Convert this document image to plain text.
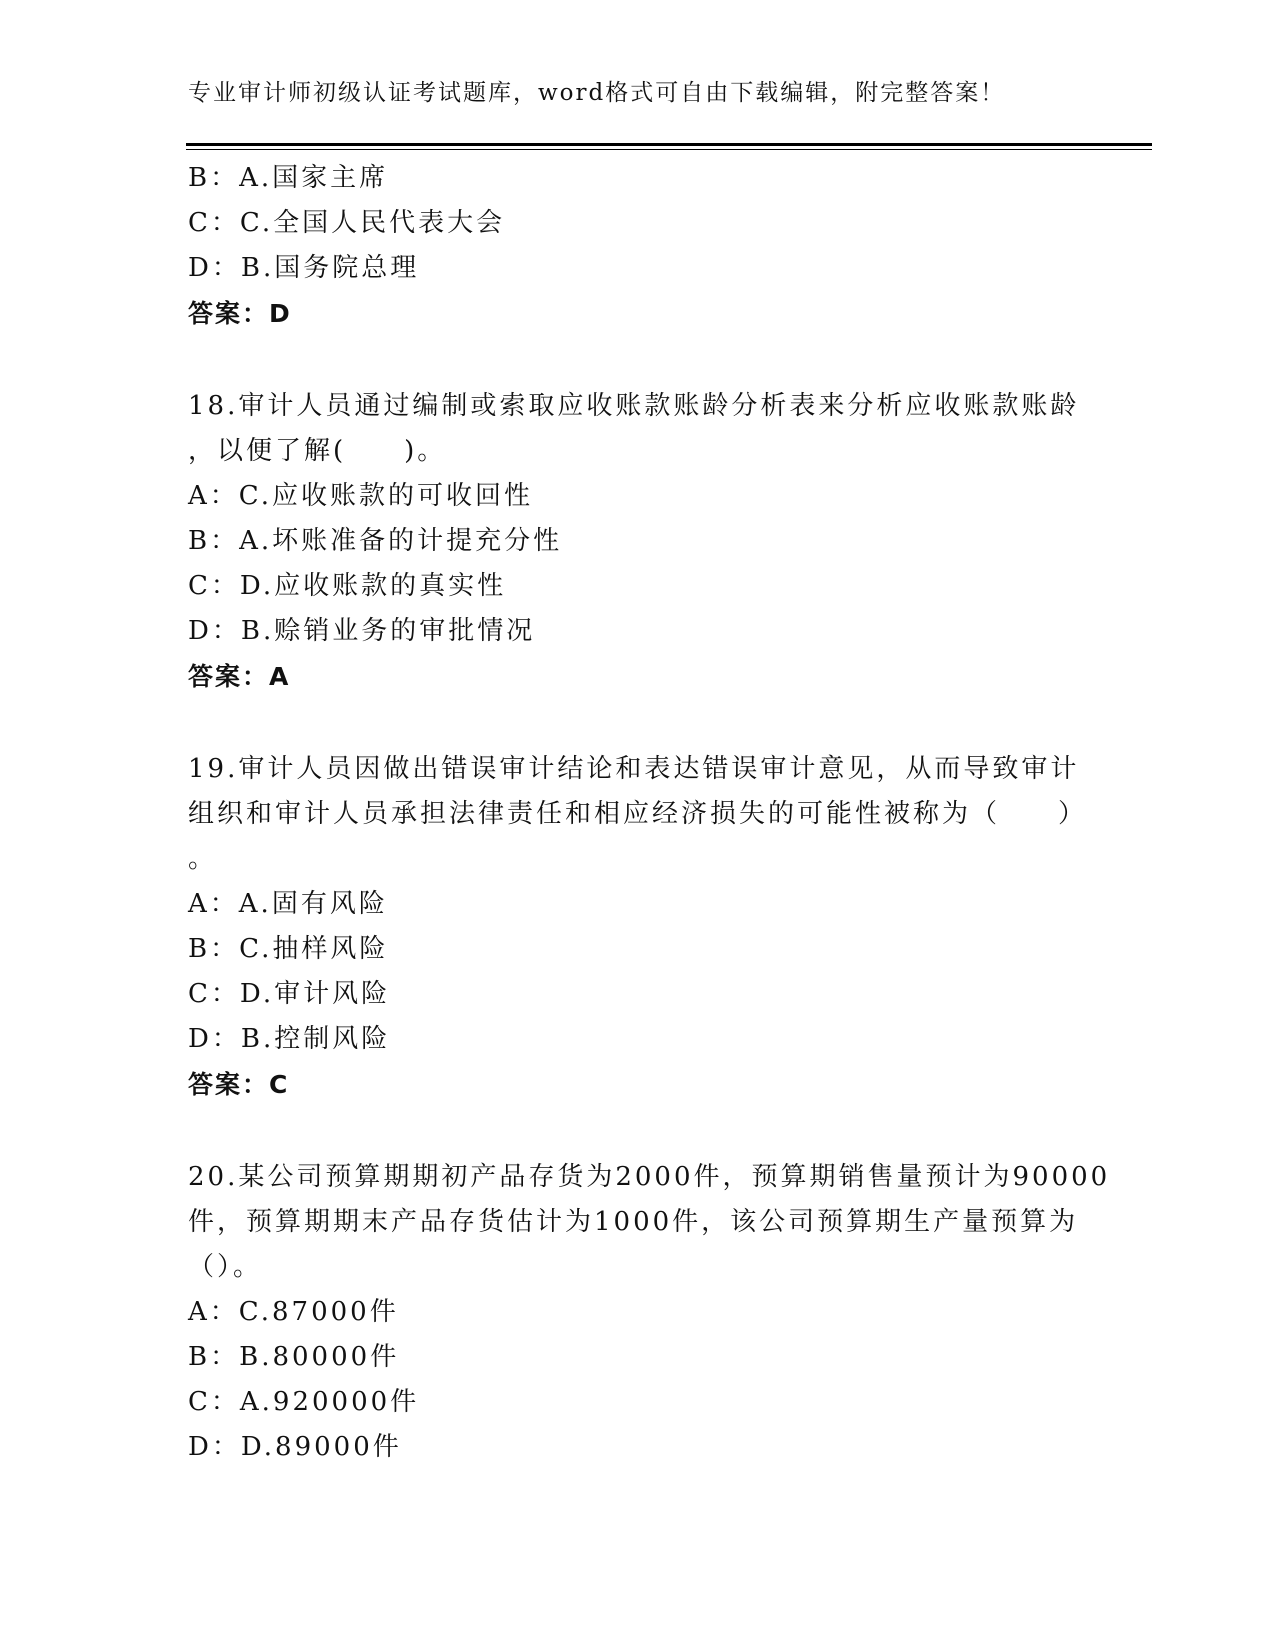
专业审计师初级认证考试题库，word格式可自由下载编辑，附完整答案！
B：A.国家主席
C：C.全国人民代表大会
D：B.国务院总理
答案：D
18.审计人员通过编制或索取应收账款账龄分析表来分析应收账款账龄
，以便了解(　　)。
A：C.应收账款的可收回性
B：A.坏账准备的计提充分性
C：D.应收账款的真实性
D：B.赊销业务的审批情况
答案：A
19.审计人员因做出错误审计结论和表达错误审计意见，从而导致审计
组织和审计人员承担法律责任和相应经济损失的可能性被称为（　　）
。
A：A.固有风险
B：C.抽样风险
C：D.审计风险
D：B.控制风险
答案：C
20.某公司预算期期初产品存货为2000件，预算期销售量预计为90000
件，预算期期末产品存货估计为1000件，该公司预算期生产量预算为
（）。
A：C.87000件
B：B.80000件
C：A.920000件
D：D.89000件
